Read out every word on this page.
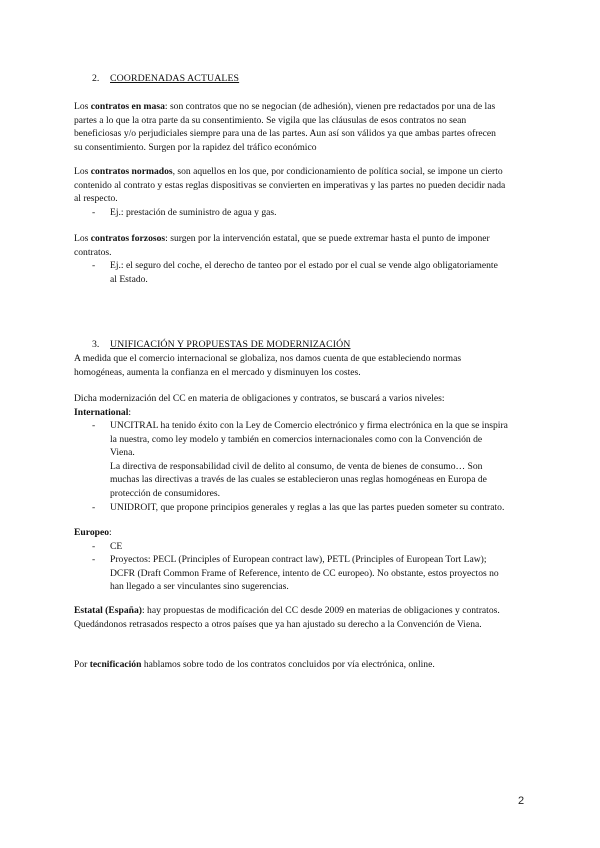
2. COORDENADAS ACTUALES
Los contratos en masa: son contratos que no se negocian (de adhesión), vienen pre redactados por una de las
partes a lo que la otra parte da su consentimiento. Se vigila que las cláusulas de esos contratos no sean
beneficiosas y/o perjudiciales siempre para una de las partes. Aun así son válidos ya que ambas partes ofrecen
su consentimiento. Surgen por la rapidez del tráfico económico
Los contratos normados, son aquellos en los que, por condicionamiento de política social, se impone un cierto
contenido al contrato y estas reglas dispositivas se convierten en imperativas y las partes no pueden decidir nada
al respecto.
-	Ej.: prestación de suministro de agua y gas.
Los contratos forzosos: surgen por la intervención estatal, que se puede extremar hasta el punto de imponer
contratos.
-	Ej.: el seguro del coche, el derecho de tanteo por el estado por el cual se vende algo obligatoriamente
al Estado.
3. UNIFICACIÓN Y PROPUESTAS DE MODERNIZACIÓN
A medida que el comercio internacional se globaliza, nos damos cuenta de que estableciendo normas
homogéneas, aumenta la confianza en el mercado y disminuyen los costes.
Dicha modernización del CC en materia de obligaciones y contratos, se buscará a varios niveles:
International:
-	UNCITRAL ha tenido éxito con la Ley de Comercio electrónico y firma electrónica en la que se inspira
la nuestra, como ley modelo y también en comercios internacionales como con la Convención de
Viena.
La directiva de responsabilidad civil de delito al consumo, de venta de bienes de consumo… Son
muchas las directivas a través de las cuales se establecieron unas reglas homogéneas en Europa de
protección de consumidores.
-	UNIDROIT, que propone principios generales y reglas a las que las partes pueden someter su contrato.
Europeo:
-	CE
-	Proyectos: PECL (Principles of European contract law), PETL (Principles of European Tort Law);
DCFR (Draft Common Frame of Reference, intento de CC europeo). No obstante, estos proyectos no
han llegado a ser vinculantes sino sugerencias.
Estatal (España): hay propuestas de modificación del CC desde 2009 en materias de obligaciones y contratos.
Quedándonos retrasados respecto a otros países que ya han ajustado su derecho a la Convención de Viena.
Por tecnificación hablamos sobre todo de los contratos concluidos por vía electrónica, online.
2
